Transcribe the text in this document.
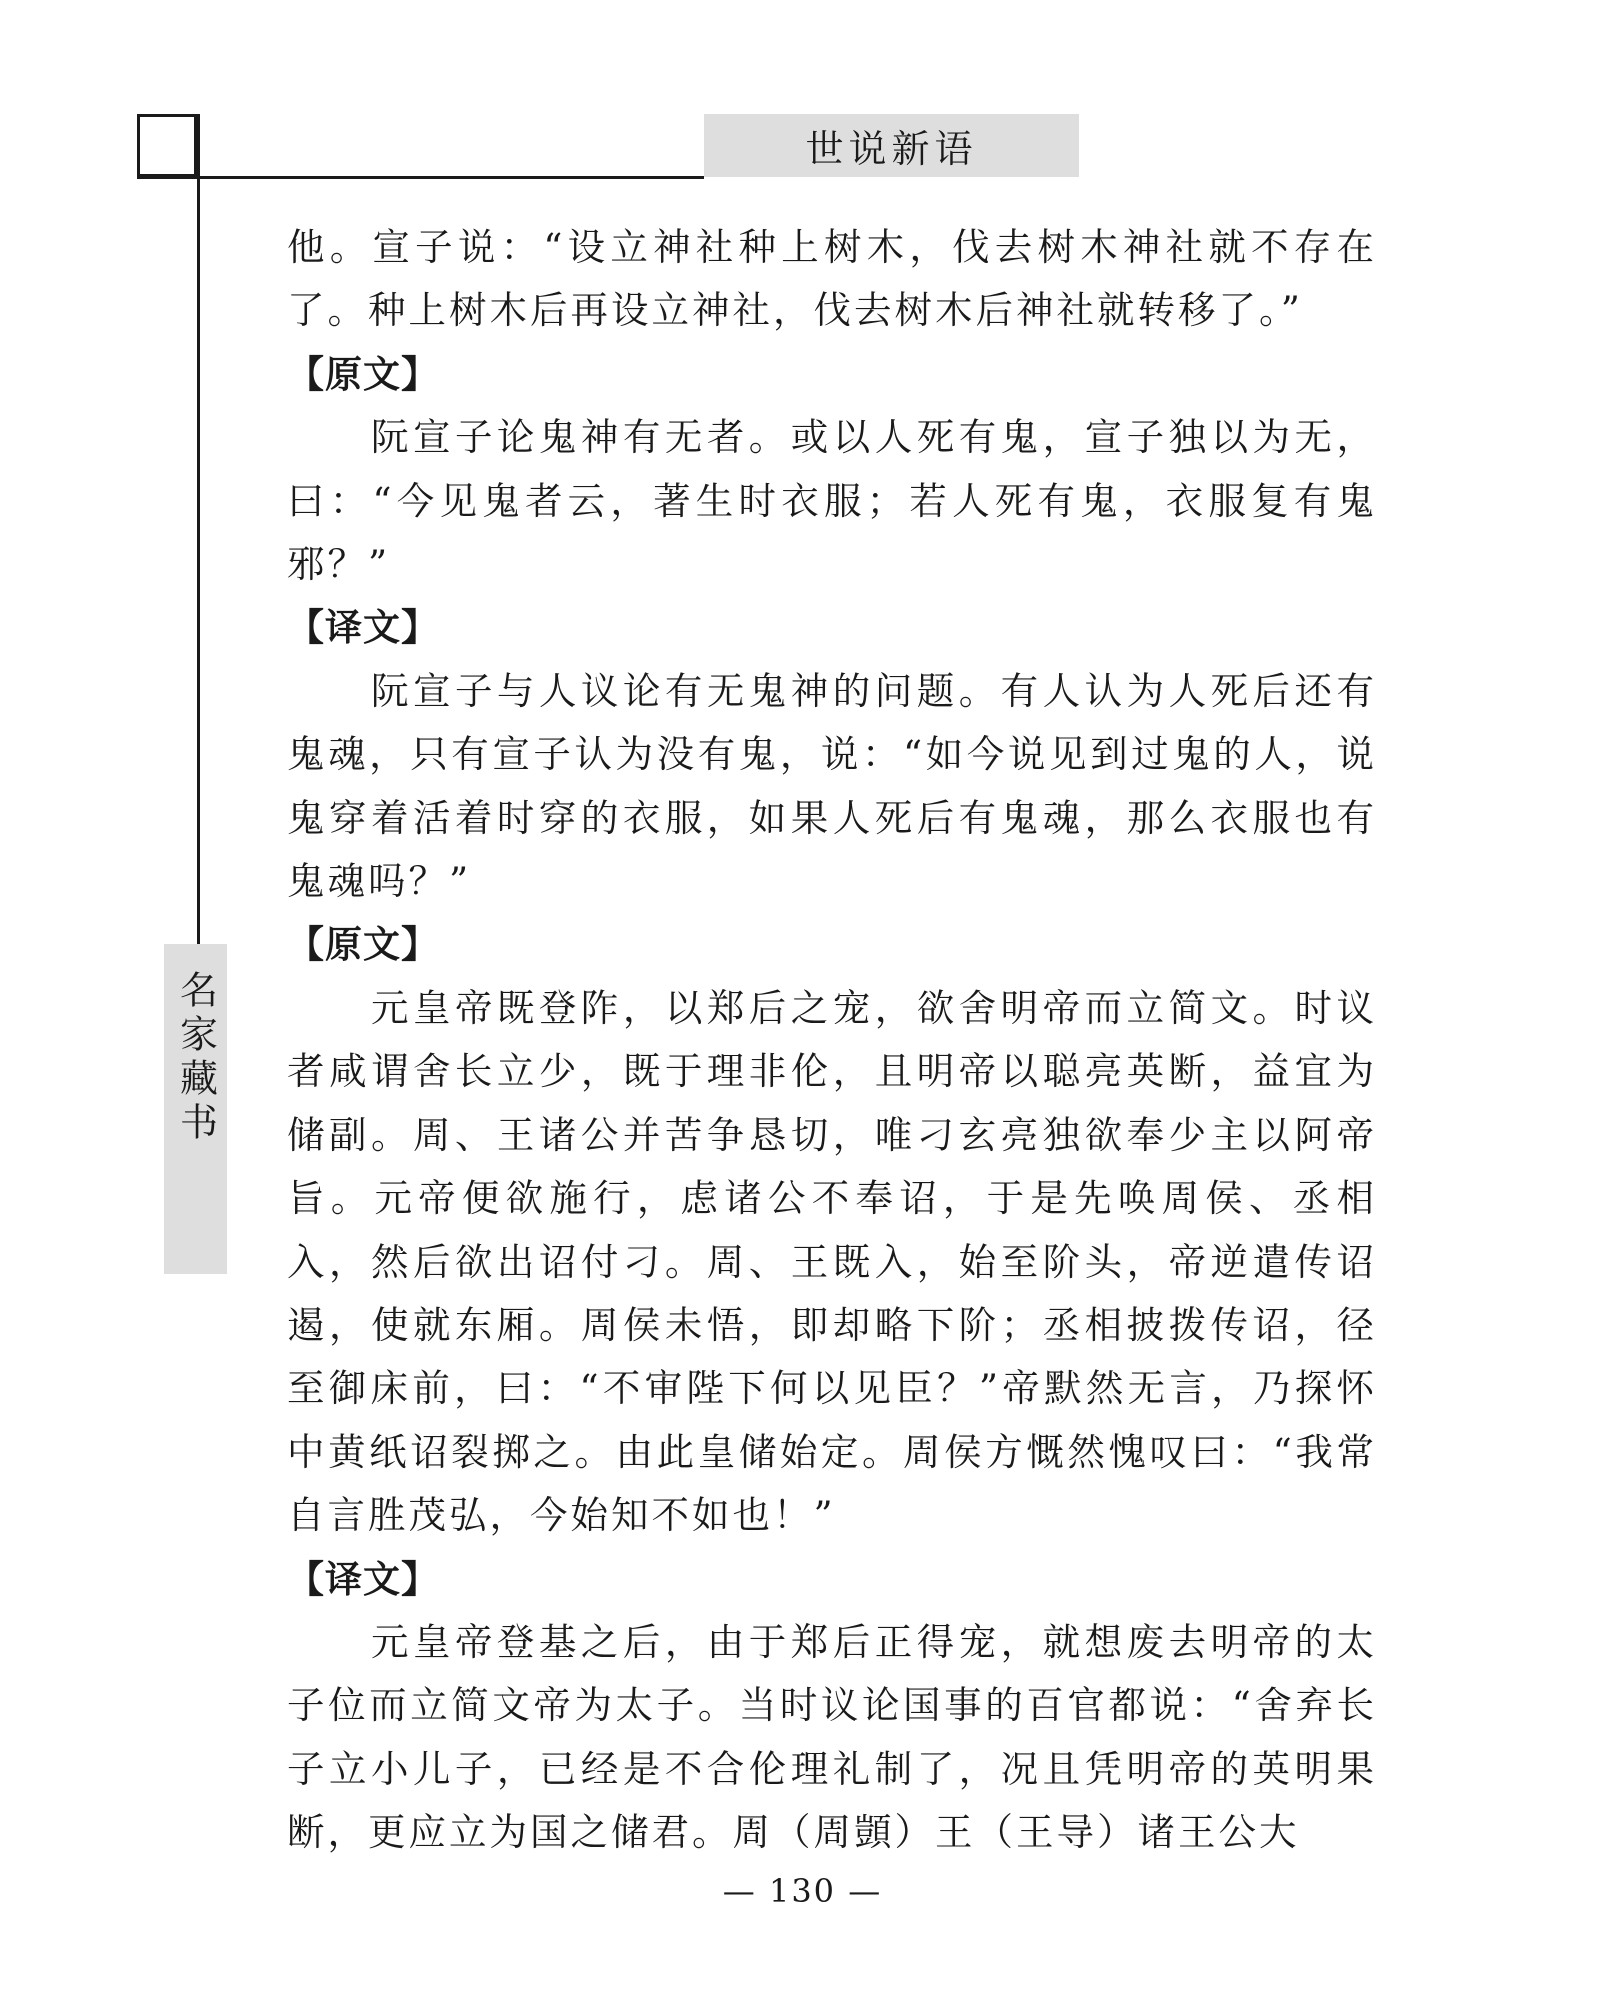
世说新语
名家藏书

他。宣子说：“设立神社种上树木，伐去树木神社就不存在了。种上树木后再设立神社，伐去树木后神社就转移了。”

【原文】

阮宣子论鬼神有无者。或以人死有鬼，宣子独以为无，曰：“今见鬼者云，著生时衣服；若人死有鬼，衣服复有鬼邪？”

【译文】

阮宣子与人议论有无鬼神的问题。有人认为人死后还有鬼魂，只有宣子认为没有鬼，说：“如今说见到过鬼的人，说鬼穿着活着时穿的衣服，如果人死后有鬼魂，那么衣服也有鬼魂吗？”

【原文】

元皇帝既登阼，以郑后之宠，欲舍明帝而立简文。时议者咸谓舍长立少，既于理非伦，且明帝以聪亮英断，益宜为储副。周、王诸公并苦争恳切，唯刁玄亮独欲奉少主以阿帝旨。元帝便欲施行，虑诸公不奉诏，于是先唤周侯、丞相入，然后欲出诏付刁。周、王既入，始至阶头，帝逆遣传诏遏，使就东厢。周侯未悟，即却略下阶；丞相披拨传诏，径至御床前，曰：“不审陛下何以见臣？”帝默然无言，乃探怀中黄纸诏裂掷之。由此皇储始定。周侯方慨然愧叹曰：“我常自言胜茂弘，今始知不如也！”

【译文】

元皇帝登基之后，由于郑后正得宠，就想废去明帝的太子位而立简文帝为太子。当时议论国事的百官都说：“舍弃长子立小儿子，已经是不合伦理礼制了，况且凭明帝的英明果断，更应立为国之储君。周（周顗）王（王导）诸王公大

— 130 —
